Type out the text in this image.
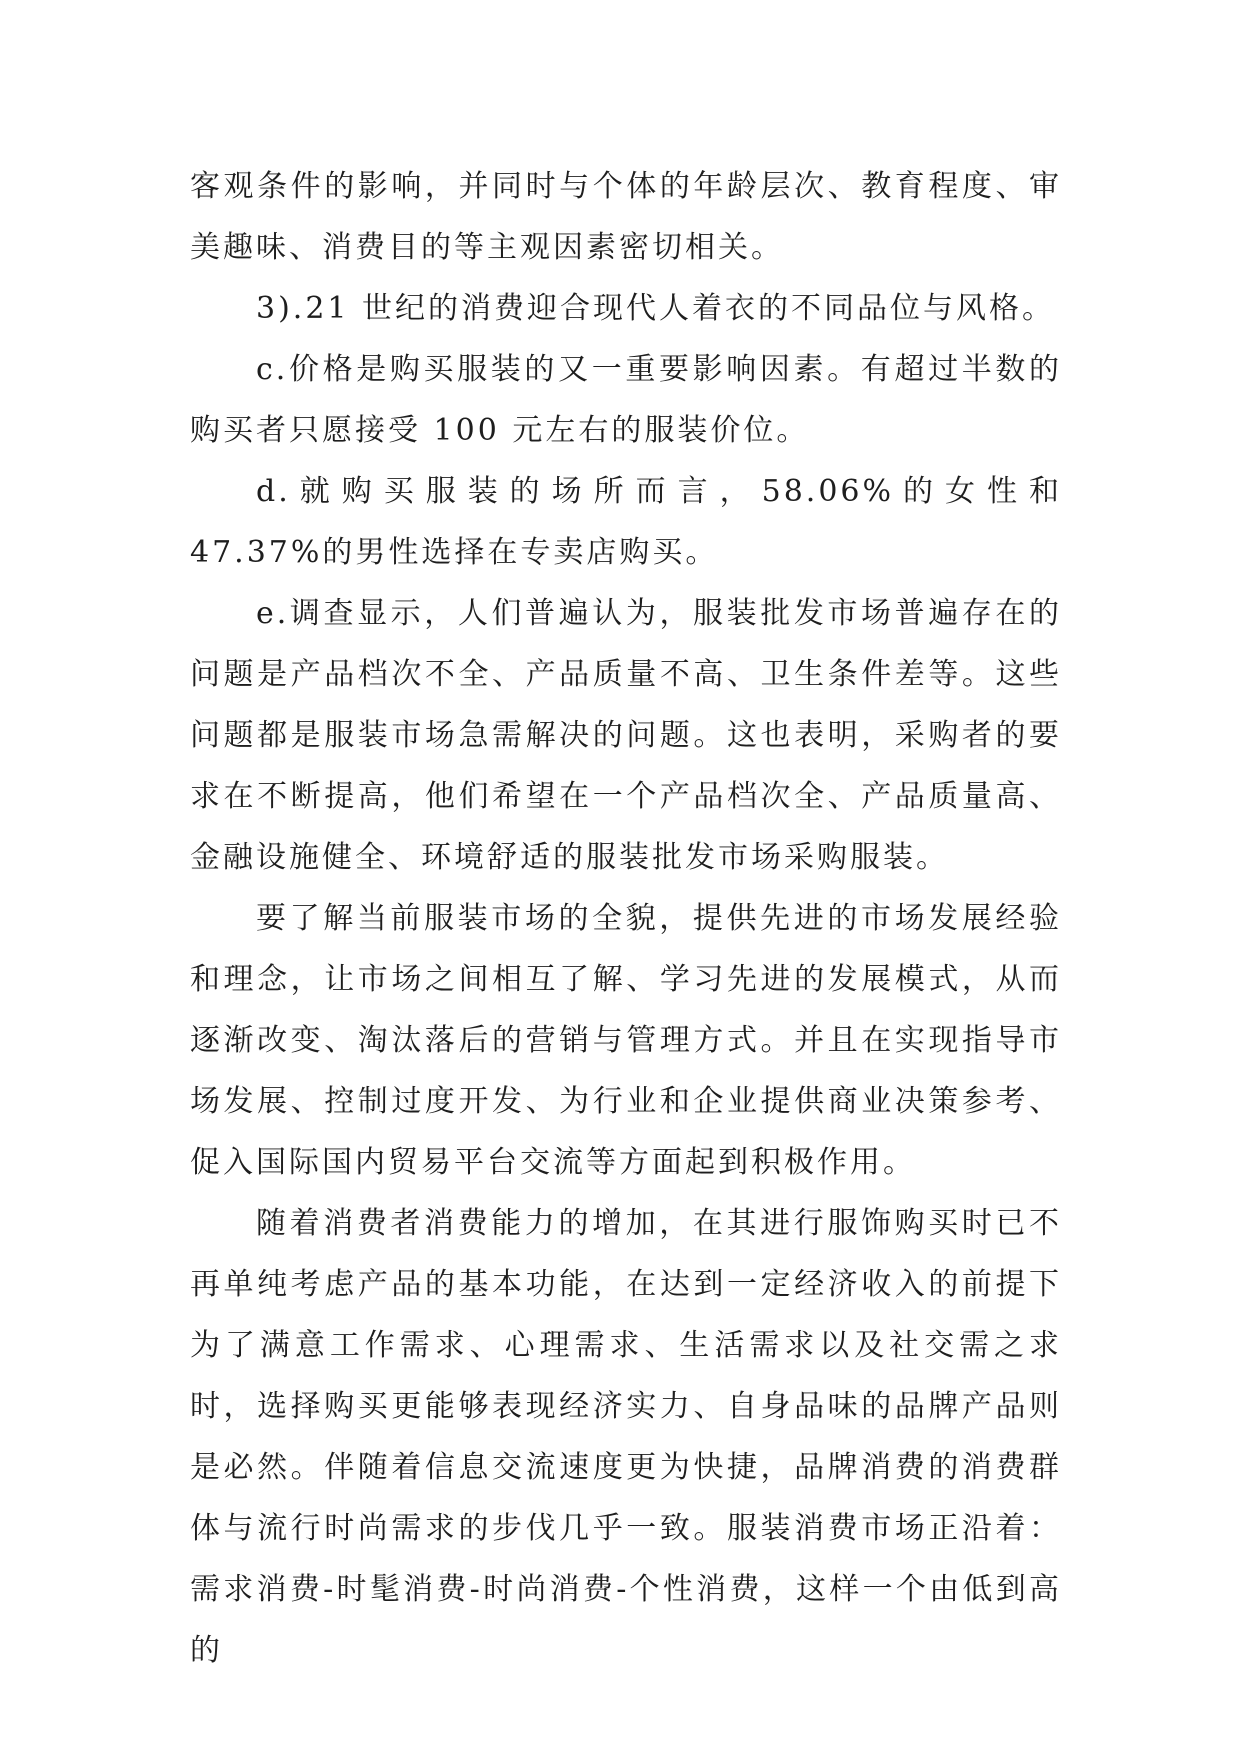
客观条件的影响，并同时与个体的年龄层次、教育程度、审美趣味、消费目的等主观因素密切相关。

3).21 世纪的消费迎合现代人着衣的不同品位与风格。

c.价格是购买服装的又一重要影响因素。有超过半数的购买者只愿接受 100 元左右的服装价位。

d.就购买服装的场所而言，58.06%的女性和 47.37%的男性选择在专卖店购买。

e.调查显示，人们普遍认为，服装批发市场普遍存在的问题是产品档次不全、产品质量不高、卫生条件差等。这些问题都是服装市场急需解决的问题。这也表明，采购者的要求在不断提高，他们希望在一个产品档次全、产品质量高、金融设施健全、环境舒适的服装批发市场采购服装。

要了解当前服装市场的全貌，提供先进的市场发展经验和理念，让市场之间相互了解、学习先进的发展模式，从而逐渐改变、淘汰落后的营销与管理方式。并且在实现指导市场发展、控制过度开发、为行业和企业提供商业决策参考、促入国际国内贸易平台交流等方面起到积极作用。

随着消费者消费能力的增加，在其进行服饰购买时已不再单纯考虑产品的基本功能，在达到一定经济收入的前提下为了满意工作需求、心理需求、生活需求以及社交需之求时，选择购买更能够表现经济实力、自身品味的品牌产品则是必然。伴随着信息交流速度更为快捷，品牌消费的消费群体与流行时尚需求的步伐几乎一致。服装消费市场正沿着：需求消费-时髦消费-时尚消费-个性消费，这样一个由低到高的
